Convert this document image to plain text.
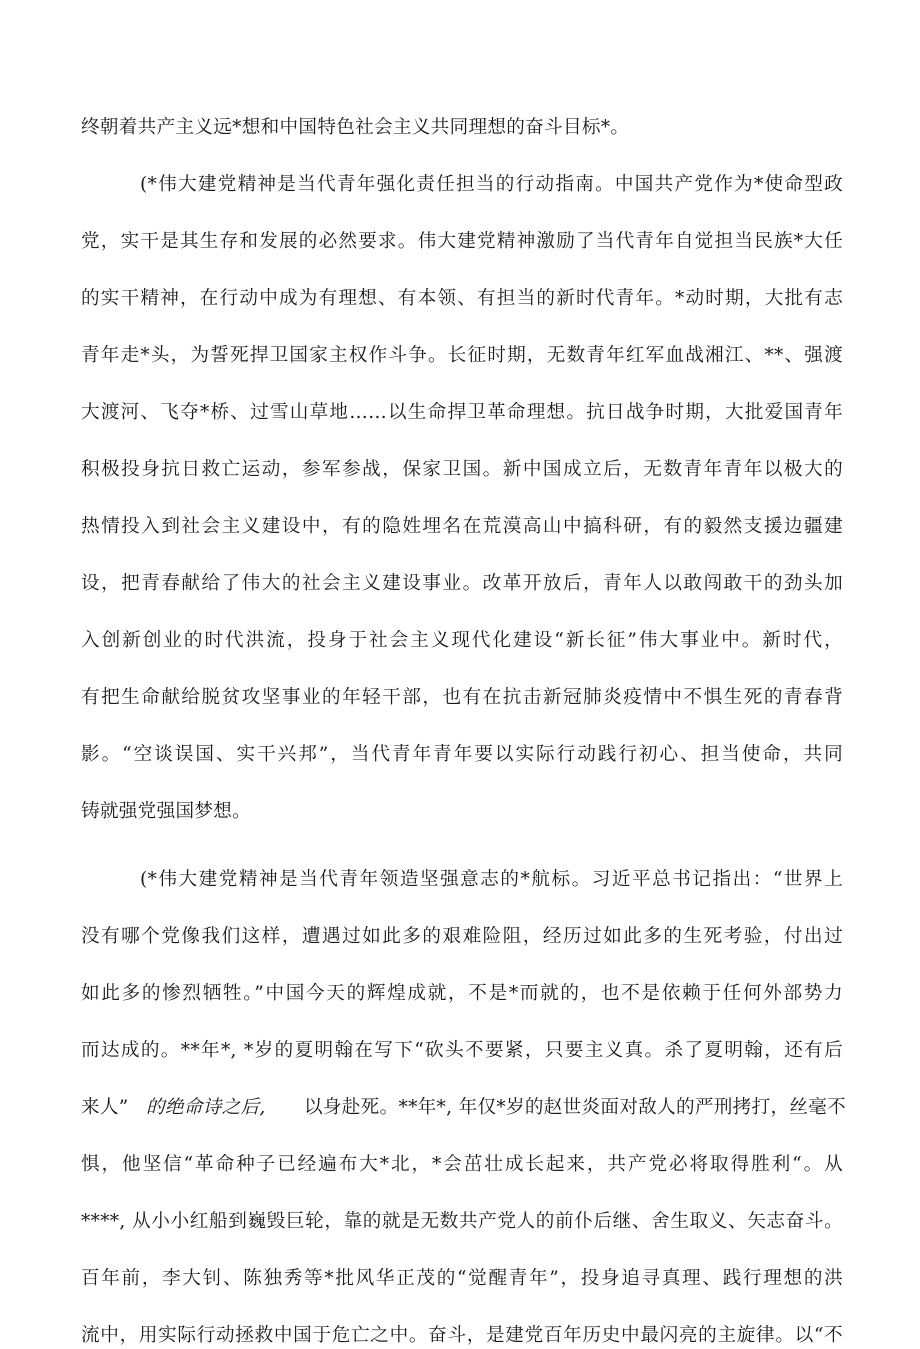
终朝着共产主义远*想和中国特色社会主义共同理想的奋斗目标*。
(*伟大建党精神是当代青年强化责任担当的行动指南。中国共产党作为*使命型政
党，实干是其生存和发展的必然要求。伟大建党精神激励了当代青年自觉担当民族*大任
的实干精神，在行动中成为有理想、有本领、有担当的新时代青年。*动时期，大批有志
青年走*头，为誓死捍卫国家主权作斗争。长征时期，无数青年红军血战湘江、**、强渡
大渡河、飞夺*桥、过雪山草地……以生命捍卫革命理想。抗日战争时期，大批爱国青年
积极投身抗日救亡运动，参军参战，保家卫国。新中国成立后，无数青年青年以极大的
热情投入到社会主义建设中，有的隐姓埋名在荒漠高山中搞科研，有的毅然支援边疆建
设，把青春献给了伟大的社会主义建设事业。改革开放后，青年人以敢闯敢干的劲头加
入创新创业的时代洪流，投身于社会主义现代化建设“新长征”伟大事业中。新时代，
有把生命献给脱贫攻坚事业的年轻干部，也有在抗击新冠肺炎疫情中不惧生死的青春背
影。“空谈误国、实干兴邦”，当代青年青年要以实际行动践行初心、担当使命，共同
铸就强党强国梦想。
(*伟大建党精神是当代青年领造坚强意志的*航标。习近平总书记指出：“世界上
没有哪个党像我们这样，遭遇过如此多的艰难险阻，经历过如此多的生死考验，付出过
如此多的惨烈牺牲。”中国今天的辉煌成就，不是*而就的，也不是依赖于任何外部势力
而达成的。**年*, *岁的夏明翰在写下“砍头不要紧，只要主义真。杀了夏明翰，还有后
来人” 的绝命诗之后,	以身赴死。**年*, 年仅*岁的赵世炎面对敌人的严刑拷打，丝毫不
惧，他坚信“革命种子已经遍布大*北，*会茁壮成长起来，共产党必将取得胜利“。从
****, 从小小红船到巍毁巨轮，靠的就是无数共产党人的前仆后继、舍生取义、矢志奋斗。
百年前，李大钊、陈独秀等*批风华正茂的“觉醒青年”，投身追寻真理、践行理想的洪
流中，用实际行动拯救中国于危亡之中。奋斗，是建党百年历史中最闪亮的主旋律。以“不
